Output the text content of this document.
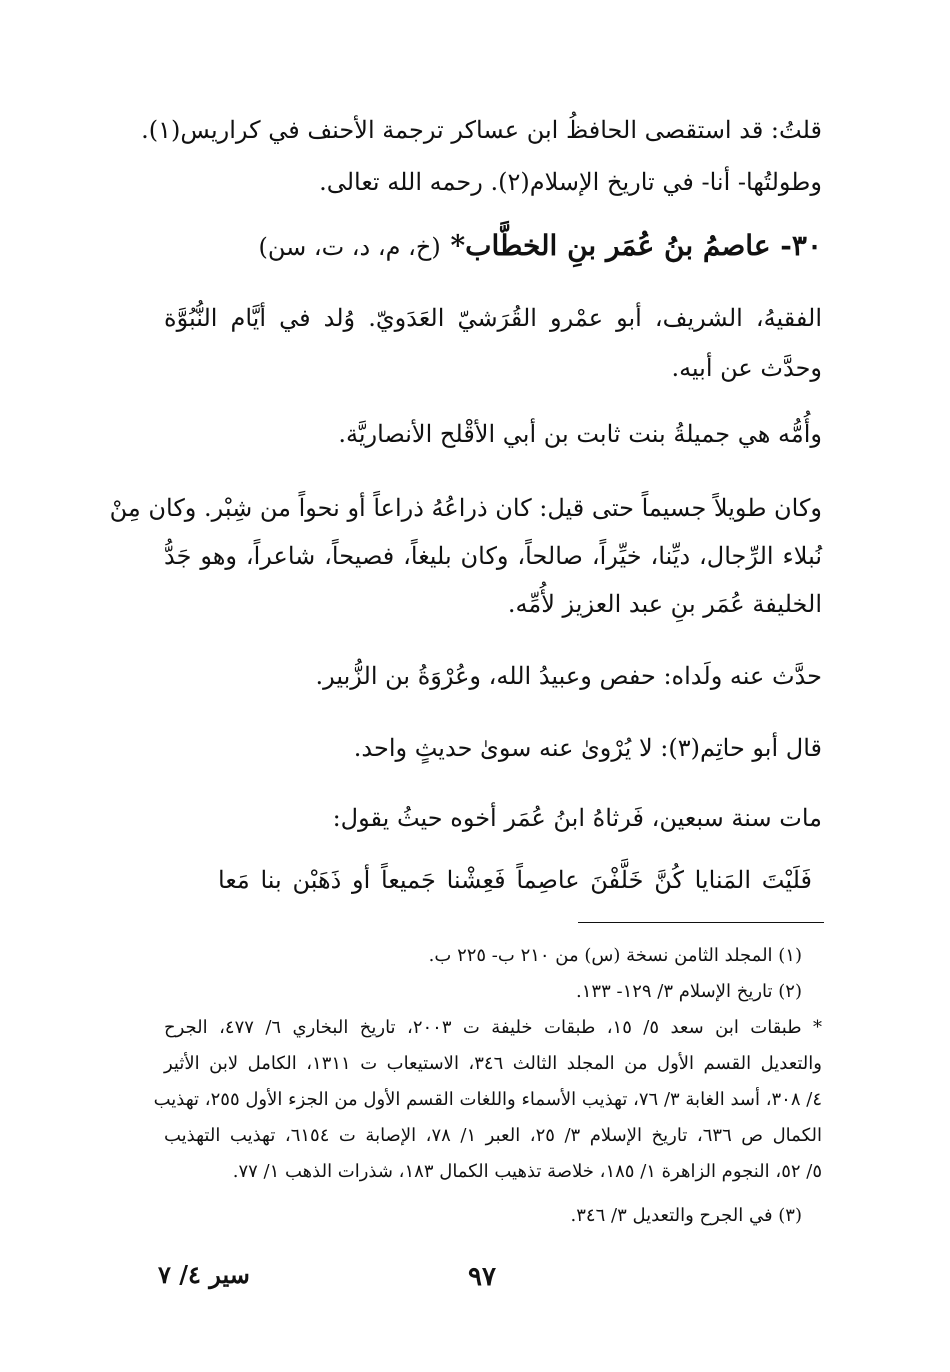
قلتُ: قد استقصى الحافظُ ابن عساكر ترجمة الأحنف في كراريس(١).

وطولتُها- أنا- في تاريخ الإسلام(٢). رحمه الله تعالى.

٣٠- عاصمُ بنُ عُمَر بنِ الخطَّاب* (خ، م، د، ت، سن)

الفقيهُ، الشريف، أبو عمْرو القُرَشيّ العَدَويّ. وُلد في أيَّام النُّبُوَّة

وحدَّث عن أبيه.

وأُمُّه هي جميلةُ بنت ثابت بن أبي الأقْلح الأنصاريَّة.

وكان طويلاً جسيماً حتى قيل: كان ذراعُهُ ذراعاً أو نحواً من شِبْر. وكان مِنْ

نُبلاء الرِّجال، ديِّنا، خيِّراً، صالحاً، وكان بليغاً، فصيحاً، شاعراً، وهو جَدُّ

الخليفة عُمَر بنِ عبد العزيز لأُمِّه.

حدَّث عنه ولَداه: حفص وعبيدُ الله، وعُرْوَةُ بن الزُّبير.

قال أبو حاتِم(٣): لا يُرْوىٰ عنه سوىٰ حديثٍ واحد.

مات سنة سبعين، فَرثاهُ ابنُ عُمَر أخوه حيثُ يقول:

فَلَيْتَ المَنايا كُنَّ خَلَّفْنَ عاصِماً فَعِشْنا جَميعاً أو ذَهَبْن بنا مَعا

(١) المجلد الثامن نسخة (س) من ٢١٠ ب- ٢٢٥ ب.

(٢) تاريخ الإسلام ٣/ ١٢٩- ١٣٣.

* طبقات ابن سعد ٥/ ١٥، طبقات خليفة ت ٢٠٠٣، تاريخ البخاري ٦/ ٤٧٧، الجرح

والتعديل القسم الأول من المجلد الثالث ٣٤٦، الاستيعاب ت ١٣١١، الكامل لابن الأثير

٤/ ٣٠٨، أسد الغابة ٣/ ٧٦، تهذيب الأسماء واللغات القسم الأول من الجزء الأول ٢٥٥، تهذيب

الكمال ص ٦٣٦، تاريخ الإسلام ٣/ ٢٥، العبر ١/ ٧٨، الإصابة ت ٦١٥٤، تهذيب التهذيب

٥/ ٥٢، النجوم الزاهرة ١/ ١٨٥، خلاصة تذهيب الكمال ١٨٣، شذرات الذهب ١/ ٧٧.

(٣) في الجرح والتعديل ٣/ ٣٤٦.

٩٧

سير ٤/ ٧
